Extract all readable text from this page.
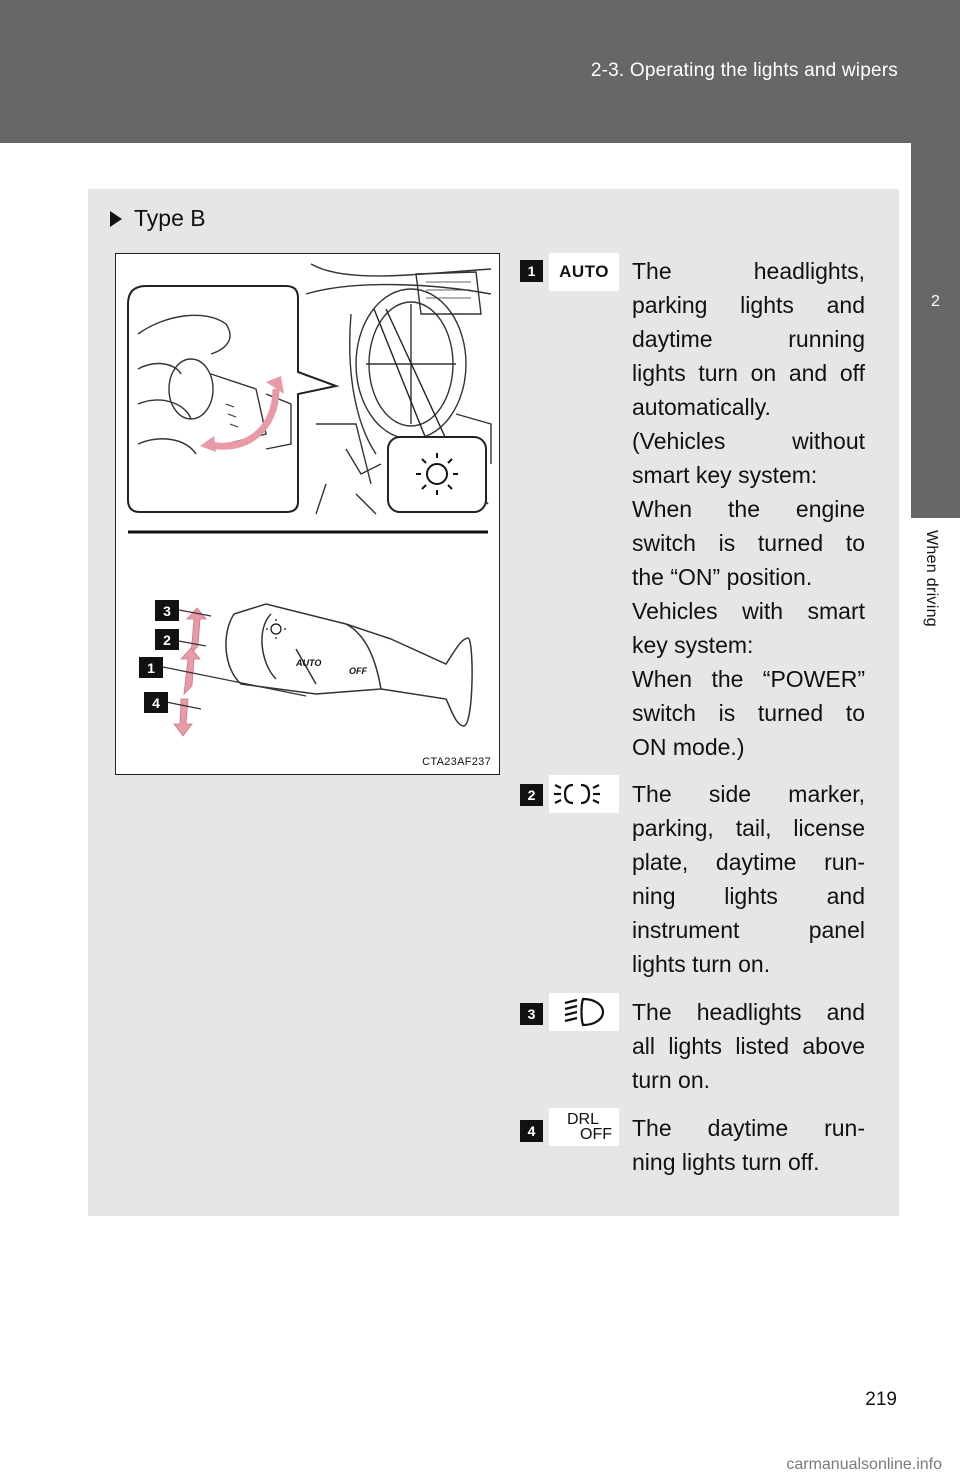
2-3. Operating the lights and wipers
2
When driving
Type B
AUTO
OFF
3
2
1
4
CTA23AF237
1	AUTO The headlights,
parking lights and
daytime running
lights turn on and off
automatically.
(Vehicles without
smart key system:
When the engine
switch is turned to
the “ON” position.
Vehicles with smart
key system:
When the “POWER”
switch is turned to
ON mode.)
2	The side marker,
parking, tail, license
plate, daytime run-
ning lights and
instrument panel
lights turn on.
3	The headlights and
all lights listed above
turn on.
4
DRL
OFF The daytime run-
ning lights turn off.
219
carmanualsonline.info
